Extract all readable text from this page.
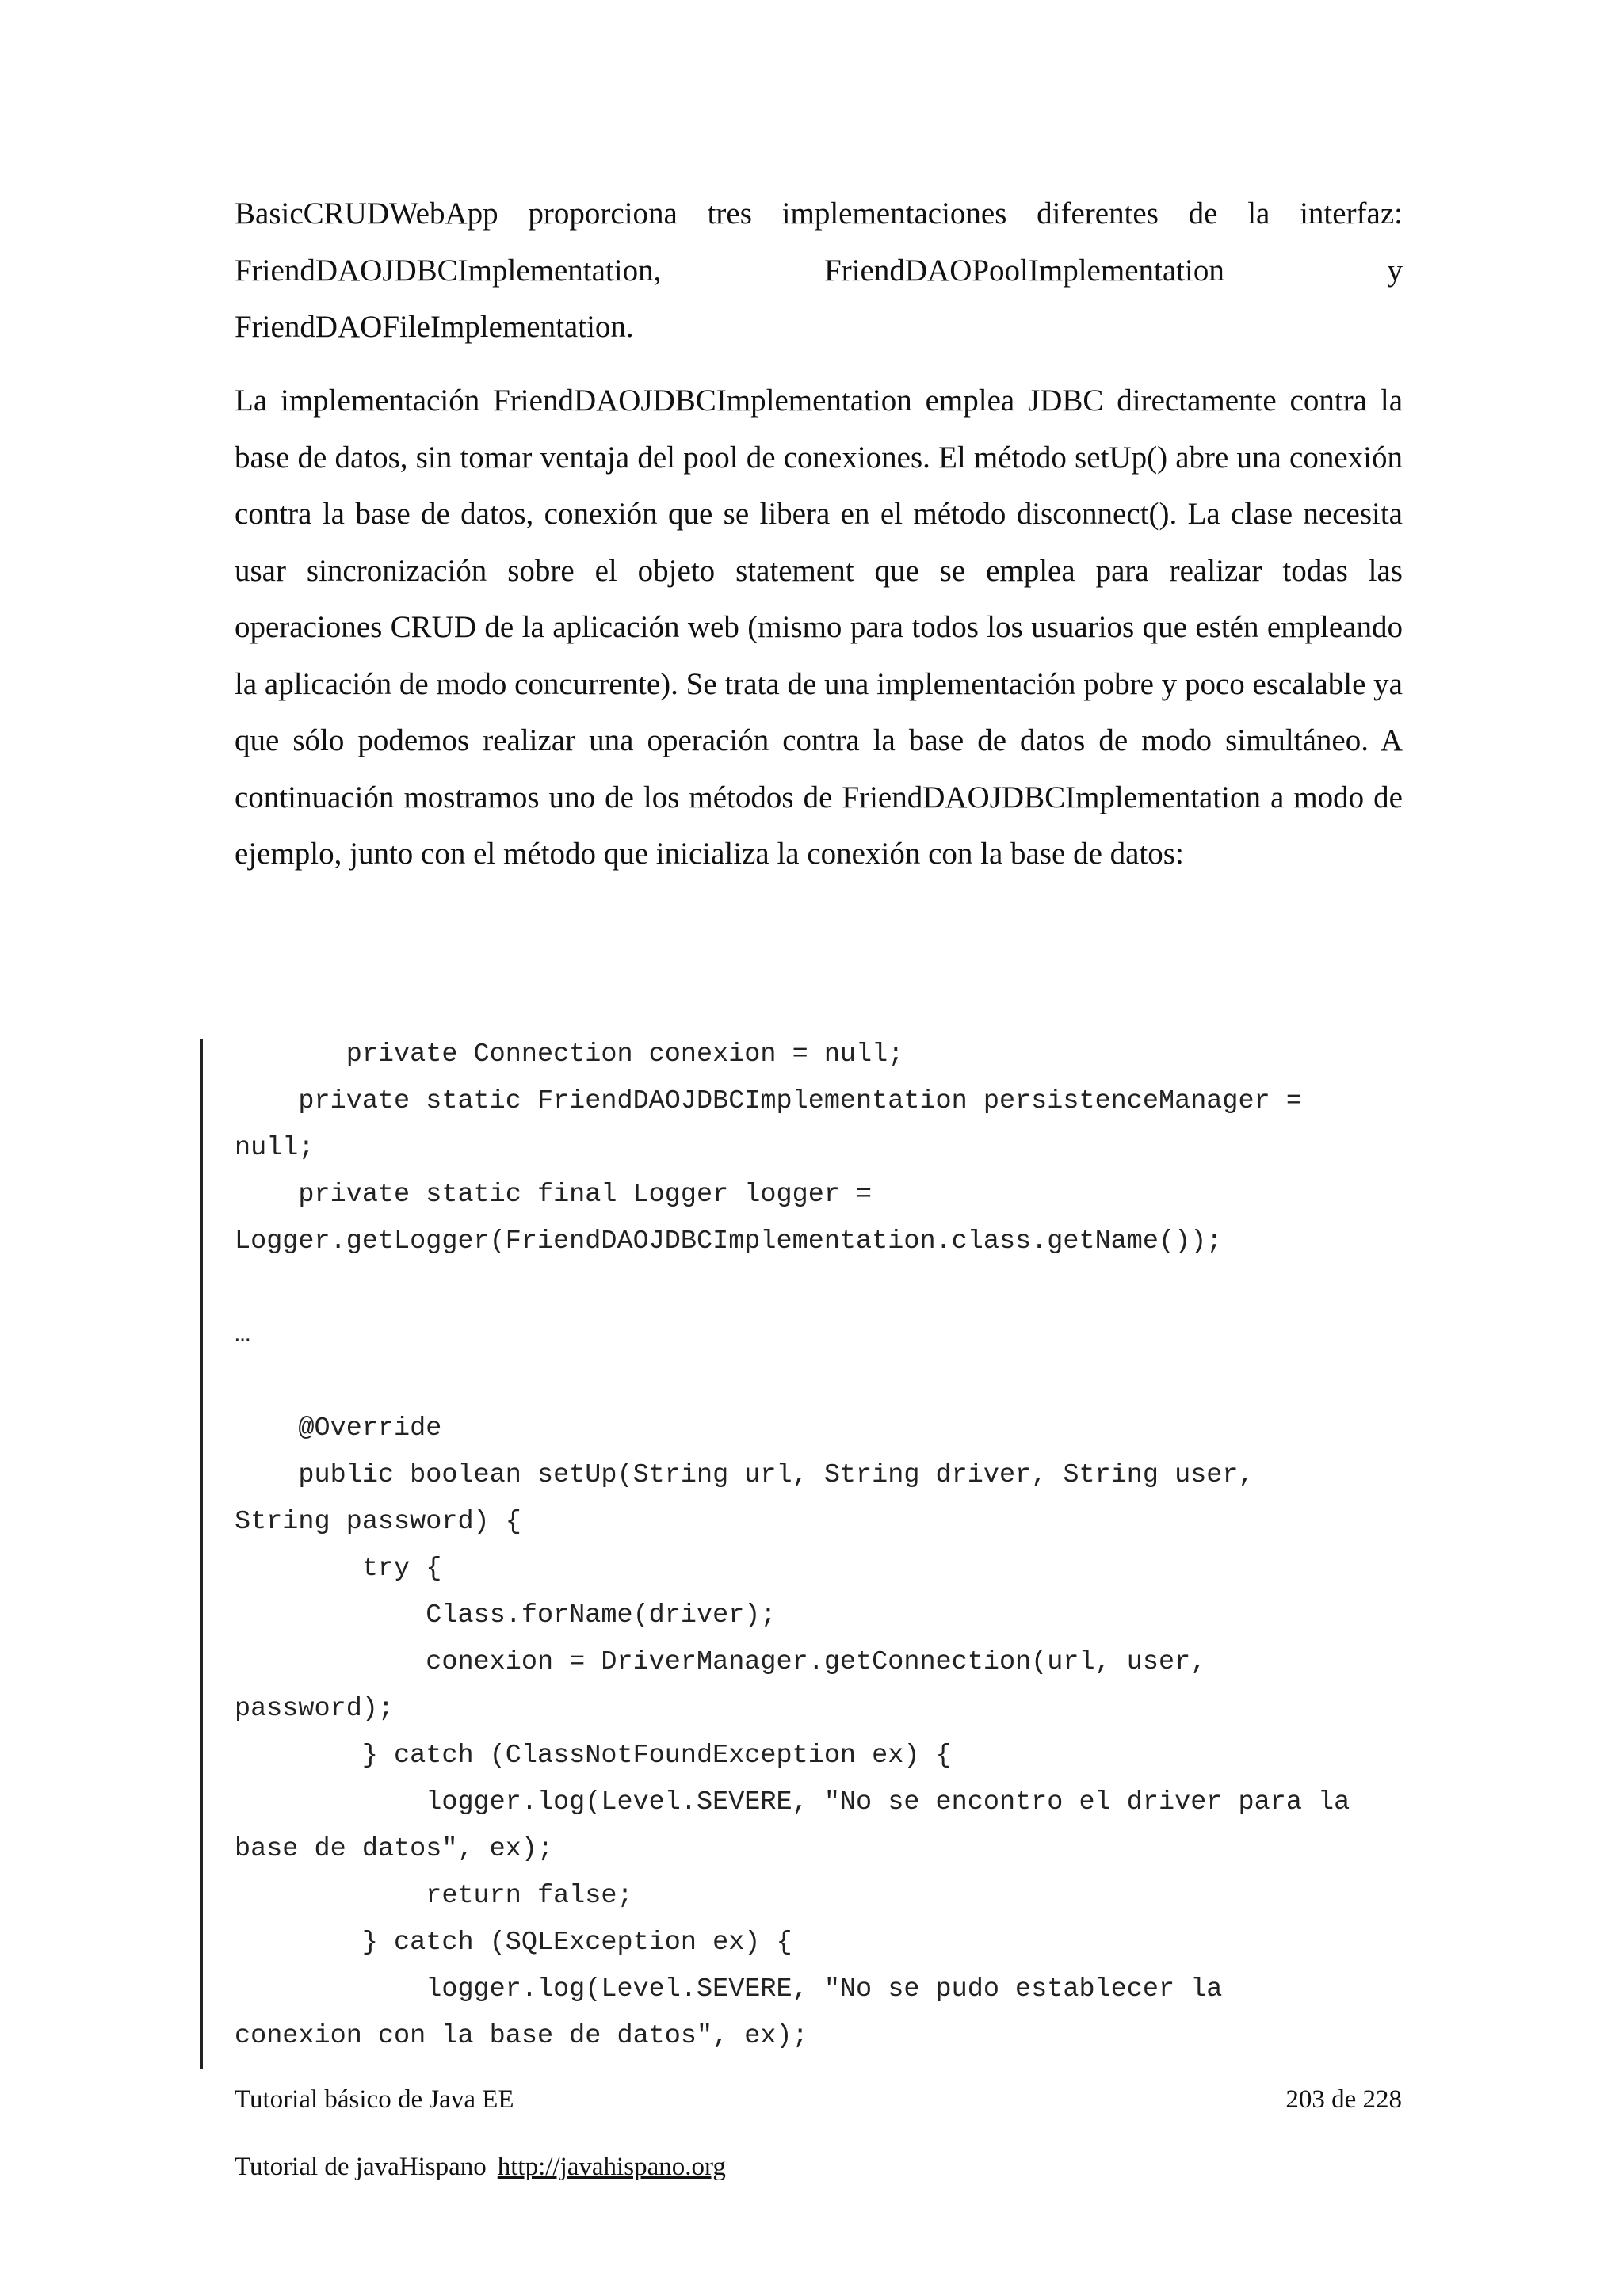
BasicCRUDWebApp proporciona tres implementaciones diferentes de la interfaz: FriendDAOJDBCImplementation, FriendDAOPoolImplementation y FriendDAOFileImplementation.
La implementación FriendDAOJDBCImplementation emplea JDBC directamente contra la base de datos, sin tomar ventaja del pool de conexiones. El método setUp() abre una conexión contra la base de datos, conexión que se libera en el método disconnect(). La clase necesita usar sincronización sobre el objeto statement que se emplea para realizar todas las operaciones CRUD de la aplicación web (mismo para todos los usuarios que estén empleando la aplicación de modo concurrente). Se trata de una implementación pobre y poco escalable ya que sólo podemos realizar una operación contra la base de datos de modo simultáneo. A continuación mostramos uno de los métodos de FriendDAOJDBCImplementation a modo de ejemplo, junto con el método que inicializa la conexión con la base de datos:
private Connection conexion = null;
private static FriendDAOJDBCImplementation persistenceManager =
null;
private static final Logger logger =
Logger.getLogger(FriendDAOJDBCImplementation.class.getName());

…

@Override
public boolean setUp(String url, String driver, String user,
String password) {
try {
Class.forName(driver);
conexion = DriverManager.getConnection(url, user,
password);
} catch (ClassNotFoundException ex) {
logger.log(Level.SEVERE, "No se encontro el driver para la
base de datos", ex);
return false;
} catch (SQLException ex) {
logger.log(Level.SEVERE, "No se pudo establecer la
conexion con la base de datos", ex);
Tutorial básico de Java EE	203 de 228
Tutorial de javaHispano http://javahispano.org
